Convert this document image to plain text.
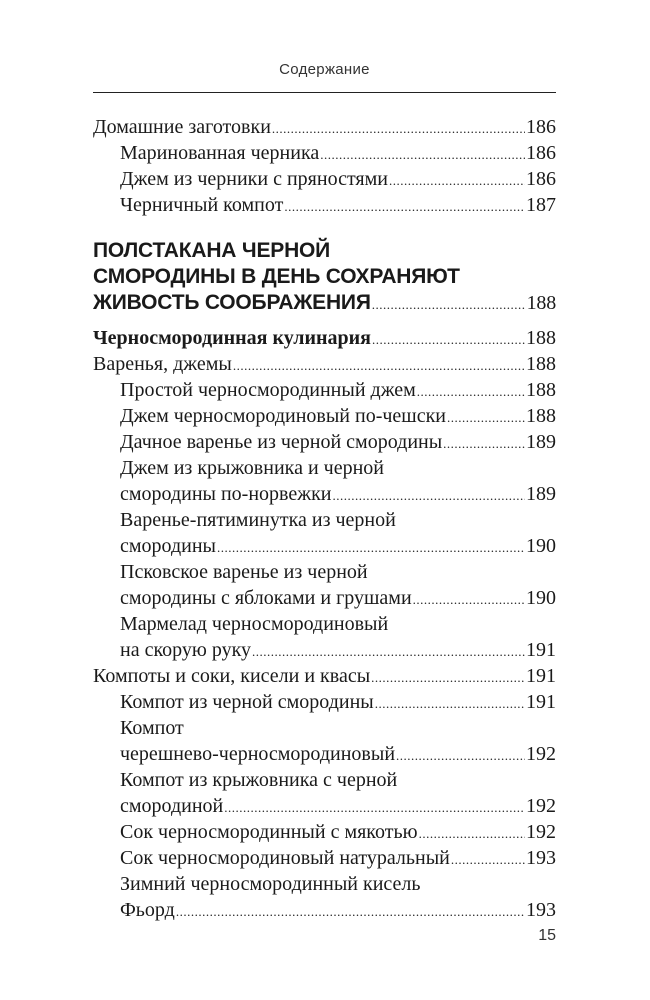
Содержание
Домашние заготовки .....	186
Маринованная черника .....	186
Джем из черники с пряностями .....	186
Черничный компот .....	187
ПОЛСТАКАНА ЧЕРНОЙ
СМОРОДИНЫ В ДЕНЬ СОХРАНЯЮТ
ЖИВОСТЬ СООБРАЖЕНИЯ .....	188
Черносмородинная кулинария .....	188
Варенья, джемы .....	188
Простой черносмородинный джем .....	188
Джем черносмородиновый по-чешски .....	188
Дачное варенье из черной смородины .....	189
Джем из крыжовника и черной
смородины по-норвежки .....	189
Варенье-пятиминутка из черной
смородины .....	190
Псковское варенье из черной
смородины с яблоками и грушами .....	190
Мармелад черносмородиновый
на скорую руку .....	191
Компоты и соки, кисели и квасы .....	191
Компот из черной смородины .....	191
Компот
черешнево-черносмородиновый .....	192
Компот из крыжовника с черной
смородиной .....	192
Сок черносмородинный с мякотью .....	192
Сок черносмородиновый натуральный .....	193
Зимний черносмородинный кисель
Фьорд .....	193
15
